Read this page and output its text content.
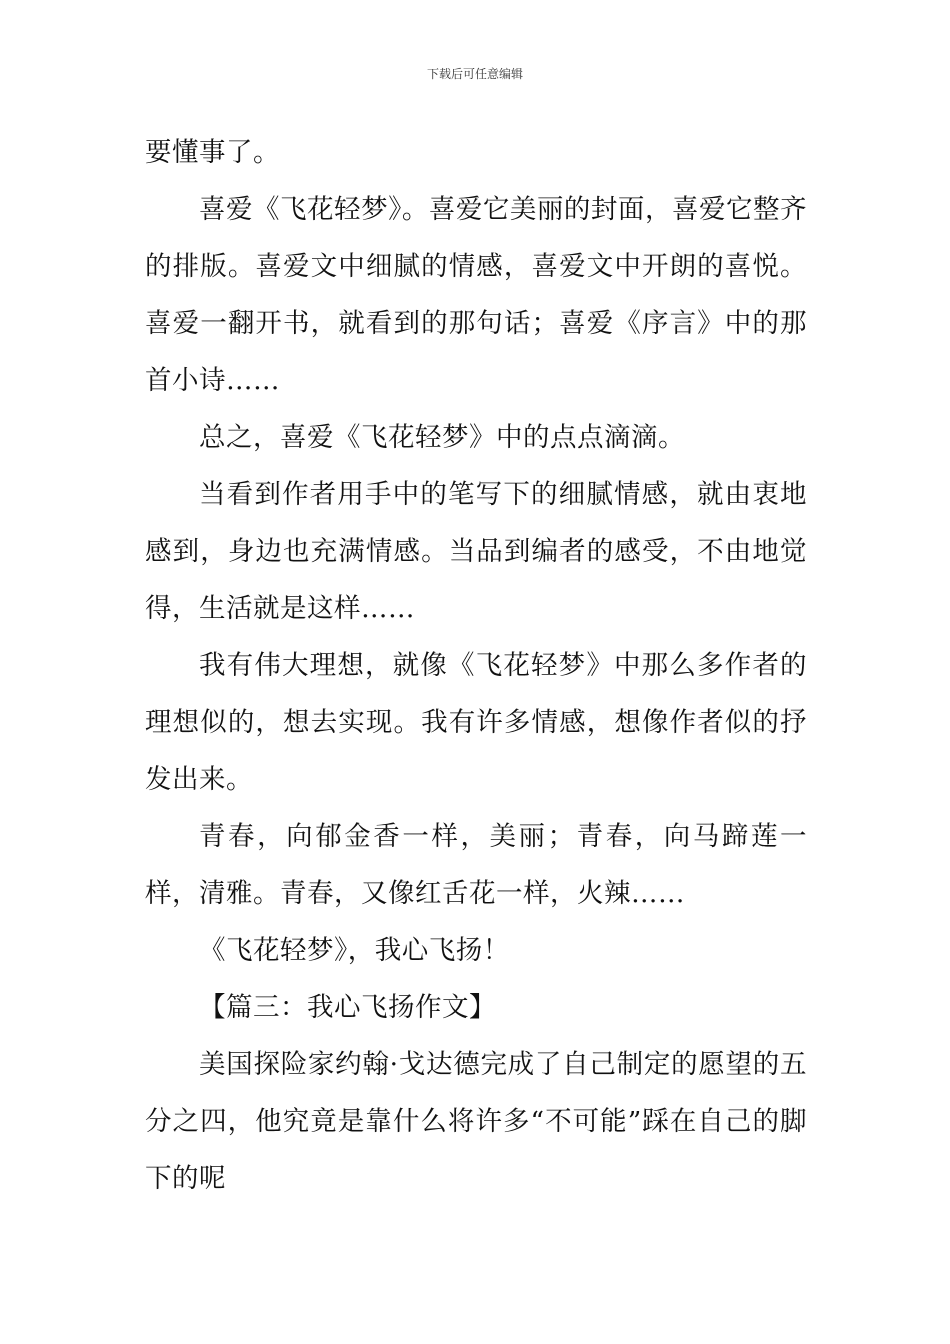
下载后可任意编辑

要懂事了。

喜爱《飞花轻梦》。喜爱它美丽的封面，喜爱它整齐的排版。喜爱文中细腻的情感，喜爱文中开朗的喜悦。喜爱一翻开书，就看到的那句话；喜爱《序言》中的那首小诗……

总之，喜爱《飞花轻梦》中的点点滴滴。

当看到作者用手中的笔写下的细腻情感，就由衷地感到，身边也充满情感。当品到编者的感受，不由地觉得，生活就是这样……

我有伟大理想，就像《飞花轻梦》中那么多作者的理想似的，想去实现。我有许多情感，想像作者似的抒发出来。

青春，向郁金香一样，美丽；青春，向马蹄莲一样，清雅。青春，又像红舌花一样，火辣……

《飞花轻梦》，我心飞扬！

【篇三：我心飞扬作文】

美国探险家约翰·戈达德完成了自己制定的愿望的五分之四，他究竟是靠什么将许多“不可能”踩在自己的脚下的呢
